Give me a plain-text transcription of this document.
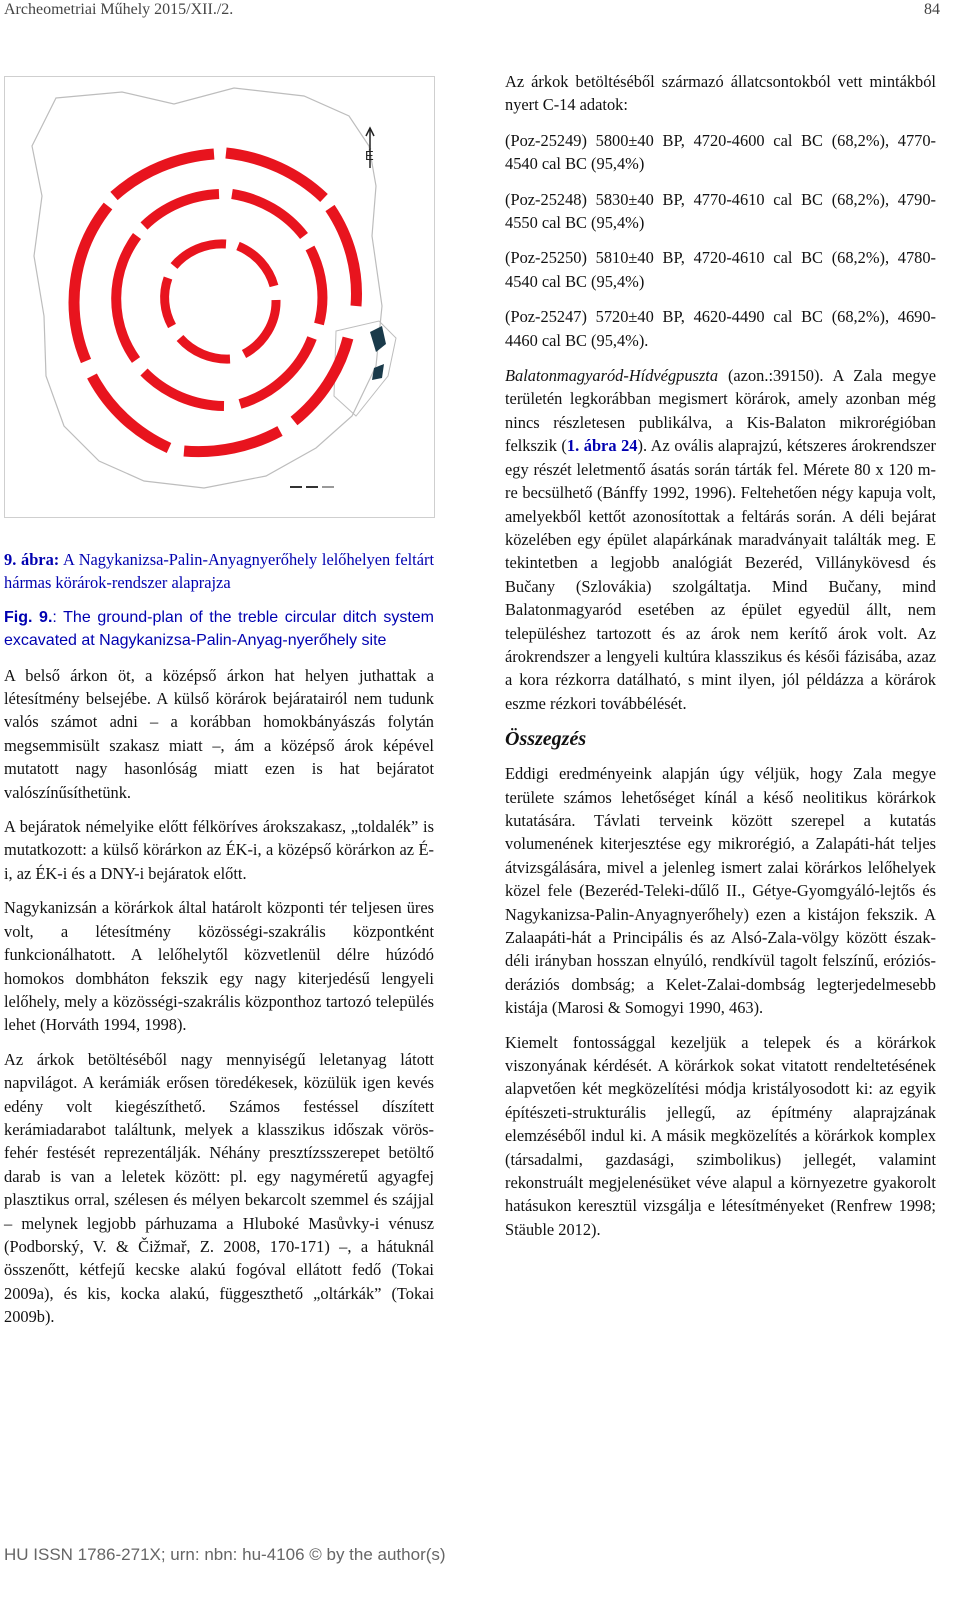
Archeometriai Műhely 2015/XII./2.	84
É

9. ábra: A Nagykanizsa-Palin-Anyagnyerőhely lelőhelyen feltárt hármas körárok-rendszer alaprajza

Fig. 9.: The ground-plan of the treble circular ditch system excavated at Nagykanizsa-Palin-Anyag-nyerőhely site

A belső árkon öt, a középső árkon hat helyen juthattak a létesítmény belsejébe. A külső körárok bejáratairól nem tudunk valós számot adni – a korábban homokbányászás folytán megsemmisült szakasz miatt –, ám a középső árok képével mutatott nagy hasonlóság miatt ezen is hat bejáratot valószínűsíthetünk.

A bejáratok némelyike előtt félköríves árokszakasz, „toldalék” is mutatkozott: a külső körárkon az ÉK-i, a középső körárkon az É-i, az ÉK-i és a DNY-i bejáratok előtt.

Nagykanizsán a körárkok által határolt központi tér teljesen üres volt, a létesítmény közösségi-szakrális központként funkcionálhatott. A lelőhelytől közvetlenül délre húzódó homokos dombháton fekszik egy nagy kiterjedésű lengyeli lelőhely, mely a közösségi-szakrális központhoz tartozó település lehet (Horváth 1994, 1998).

Az árkok betöltéséből nagy mennyiségű leletanyag látott napvilágot. A kerámiák erősen töredékesek, közülük igen kevés edény volt kiegészíthető. Számos festéssel díszített kerámiadarabot találtunk, melyek a klasszikus időszak vörös-fehér festését reprezentálják. Néhány presztízsszerepet betöltő darab is van a leletek között: pl. egy nagyméretű agyagfej plasztikus orral, szélesen és mélyen bekarcolt szemmel és szájjal – melynek legjobb párhuzama a Hluboké Masůvky-i vénusz (Podborský, V. & Čižmař, Z. 2008, 170-171) –, a hátuknál összenőtt, kétfejű kecske alakú fogóval ellátott fedő (Tokai 2009a), és kis, kocka alakú, függeszthető „oltárkák” (Tokai 2009b).

Az árkok betöltéséből származó állatcsontokból vett mintákból nyert C-14 adatok:

(Poz-25249) 5800±40 BP, 4720-4600 cal BC (68,2%), 4770-4540 cal BC (95,4%)

(Poz-25248) 5830±40 BP, 4770-4610 cal BC (68,2%), 4790-4550 cal BC (95,4%)

(Poz-25250) 5810±40 BP, 4720-4610 cal BC (68,2%), 4780-4540 cal BC (95,4%)

(Poz-25247) 5720±40 BP, 4620-4490 cal BC (68,2%), 4690-4460 cal BC (95,4%).

Balatonmagyaród-Hídvégpuszta (azon.:39150). A Zala megye területén legkorábban megismert körárok, amely azonban még nincs részletesen publikálva, a Kis-Balaton mikrorégióban felkszik (1. ábra 24). Az ovális alaprajzú, kétszeres árokrendszer egy részét leletmentő ásatás során tárták fel. Mérete 80 x 120 m-re becsülhető (Bánffy 1992, 1996). Feltehetően négy kapuja volt, amelyekből kettőt azonosítottak a feltárás során. A déli bejárat közelében egy épület alapárkának maradványait találták meg. E tekintetben a legjobb analógiát Bezeréd, Villánykövesd és Bučany (Szlovákia) szolgáltatja. Mind Bučany, mind Balatonmagyaród esetében az épület egyedül állt, nem településhez tartozott és az árok nem kerítő árok volt. Az árokrendszer a lengyeli kultúra klasszikus és késői fázisába, azaz a kora rézkorra datálható, s mint ilyen, jól példázza a körárok eszme rézkori továbbélését.

Összegzés

Eddigi eredményeink alapján úgy véljük, hogy Zala megye területe számos lehetőséget kínál a késő neolitikus körárkok kutatására. Távlati terveink között szerepel a kutatás volumenének kiterjesztése egy mikrorégió, a Zalapáti-hát teljes átvizsgálására, mivel a jelenleg ismert zalai körárkos lelőhelyek közel fele (Bezeréd-Teleki-dűlő II., Gétye-Gyomgyáló-lejtős és Nagykanizsa-Palin-Anyagnyerőhely) ezen a kistájon fekszik. A Zalaapáti-hát a Principális és az Alsó-Zala-völgy között észak-déli irányban hosszan elnyúló, rendkívül tagolt felszínű, eróziós-deráziós dombság; a Kelet-Zalai-dombság legterjedelmesebb kistája (Marosi & Somogyi 1990, 463).

Kiemelt fontossággal kezeljük a telepek és a körárkok viszonyának kérdését. A körárkok sokat vitatott rendeltetésének alapvetően két megközelítési módja kristályosodott ki: az egyik építészeti-strukturális jellegű, az építmény alaprajzának elemzéséből indul ki. A másik megközelítés a körárkok komplex (társadalmi, gazdasági, szimbolikus) jellegét, valamint rekonstruált megjelenésüket véve alapul a környezetre gyakorolt hatásukon keresztül vizsgálja e létesítményeket (Renfrew 1998; Stäuble 2012).

HU ISSN 1786-271X; urn: nbn: hu-4106 © by the author(s)
